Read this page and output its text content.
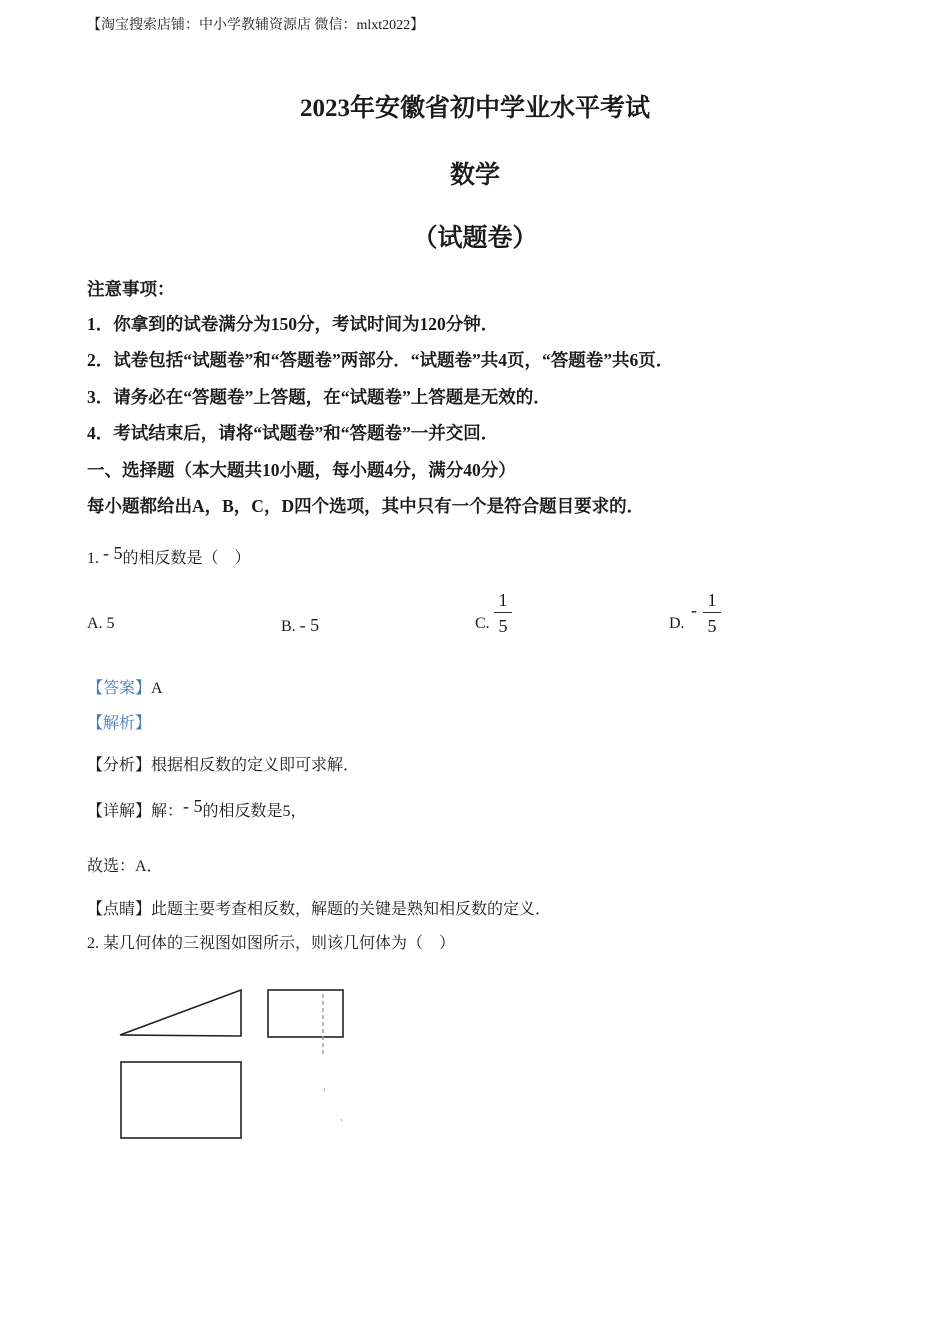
【淘宝搜索店铺：中小学教辅资源店 微信：mlxt2022】
2023年安徽省初中学业水平考试
数学
（试题卷）
注意事项：
1．你拿到的试卷满分为150分，考试时间为120分钟．
2．试卷包括“试题卷”和“答题卷”两部分．“试题卷”共4页，“答题卷”共6页．
3．请务必在“答题卷”上答题，在“试题卷”上答题是无效的．
4．考试结束后，请将“试题卷”和“答题卷”一并交回．
一、选择题（本大题共10小题，每小题4分，满分40分）
每小题都给出A，B，C，D四个选项，其中只有一个是符合题目要求的．
1. - 5的相反数是（　）
A. 5	B. - 5	C.
1
5	D.
- 1
5
【答案】A
【解析】
【分析】根据相反数的定义即可求解．
【详解】解：- 5的相反数是5，
故选：A．
【点睛】此题主要考查相反数，解题的关键是熟知相反数的定义．
2. 某几何体的三视图如图所示，则该几何体为（　）
